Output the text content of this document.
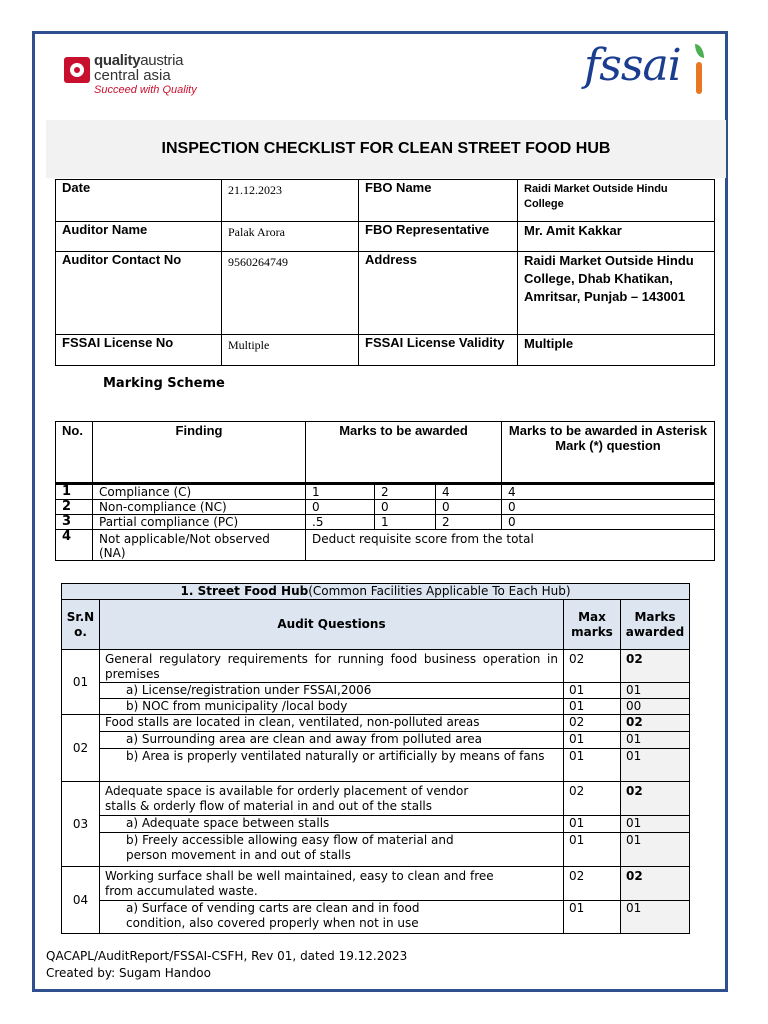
qualityaustria
central asia
Succeed with Quality	fssai
INSPECTION CHECKLIST FOR CLEAN STREET FOOD HUB
Date	21.12.2023	FBO Name	Raidi Market Outside Hindu College
Auditor Name	Palak Arora	FBO Representative	Mr. Amit Kakkar
Auditor Contact No	9560264749	Address	Raidi Market Outside Hindu College, Dhab Khatikan, Amritsar, Punjab – 143001
FSSAI License No	Multiple	FSSAI License Validity	Multiple
Marking Scheme
No.	Finding	Marks to be awarded			Marks to be awarded in Asterisk Mark (*) question
1	Compliance (C)	1	2	4	4
2	Non-compliance (NC)	0	0	0	0
3	Partial compliance (PC)	.5	1	2	0
4	Not applicable/Not observed (NA)	Deduct requisite score from the total			
1. Street Food Hub(Common Facilities Applicable To Each Hub)			
Sr.N o.	Audit Questions	Max marks	Marks awarded
01	General regulatory requirements for running food business operation in premises	02	02
	a) License/registration under FSSAI,2006	01	01
	b) NOC from municipality /local body	01	00
02	Food stalls are located in clean, ventilated, non-polluted areas	02	02
	a) Surrounding area are clean and away from polluted area	01	01
	b) Area is properly ventilated naturally or artificially by means of fans	01	01
03	Adequate space is available for orderly placement of vendor stalls & orderly flow of material in and out of the stalls	02	02
	a) Adequate space between stalls	01	01
	b) Freely accessible allowing easy flow of material and person movement in and out of stalls	01	01
04	Working surface shall be well maintained, easy to clean and free from accumulated waste.	02	02
	a) Surface of vending carts are clean and in food condition, also covered properly when not in use	01	01
QACAPL/AuditReport/FSSAI-CSFH, Rev 01, dated 19.12.2023
Created by: Sugam Handoo
